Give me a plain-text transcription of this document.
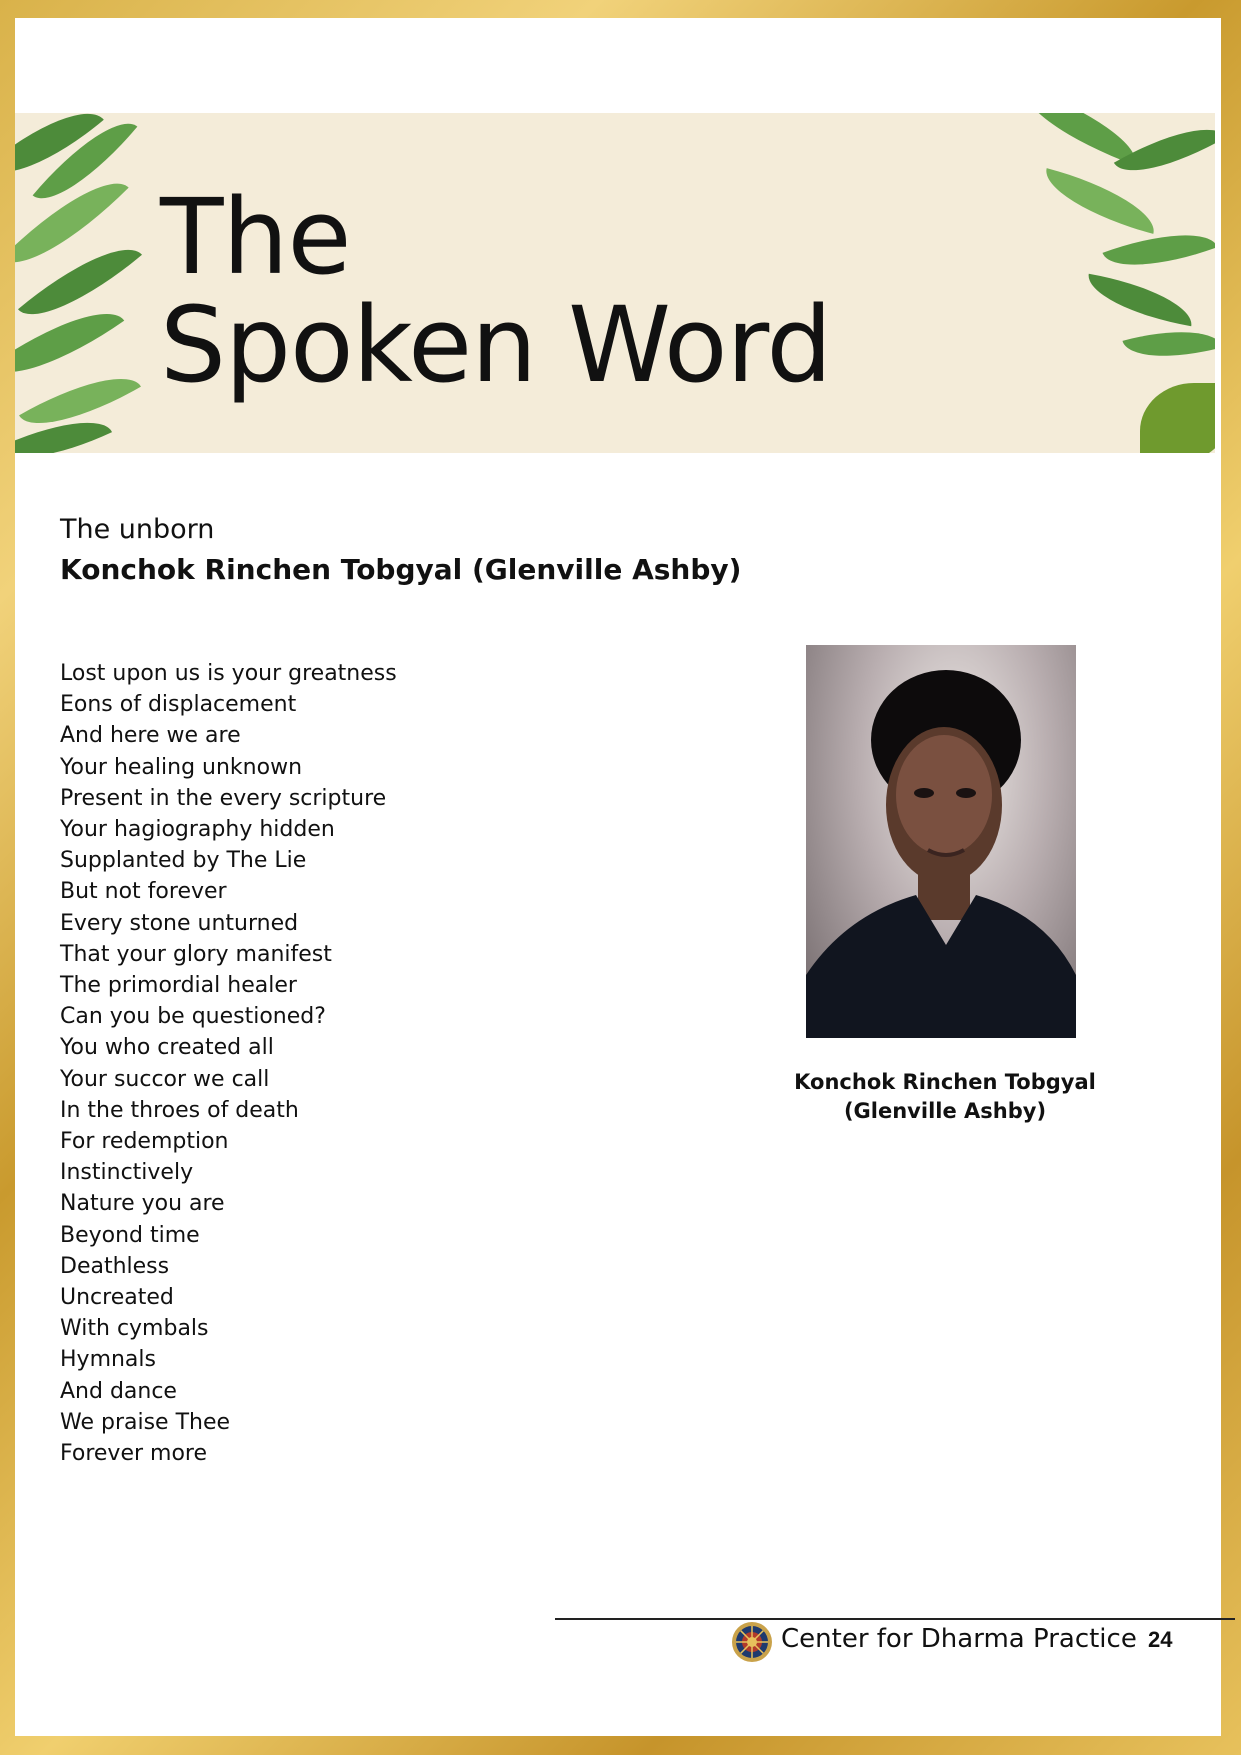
The
Spoken Word
The unborn
Konchok Rinchen Tobgyal (Glenville Ashby)
Lost upon us is your greatness
Eons of displacement
And here we are
Your healing unknown
Present in the every scripture
Your hagiography hidden
Supplanted by The Lie
But not forever
Every stone unturned
That your glory manifest
The primordial healer
Can you be questioned?
You who created all
Your succor we call
In the throes of death
For redemption
Instinctively
Nature you are
Beyond time
Deathless
Uncreated
With cymbals
Hymnals
And dance
We praise Thee
Forever more
Konchok Rinchen Tobgyal
(Glenville Ashby)
Center for Dharma Practice 24
